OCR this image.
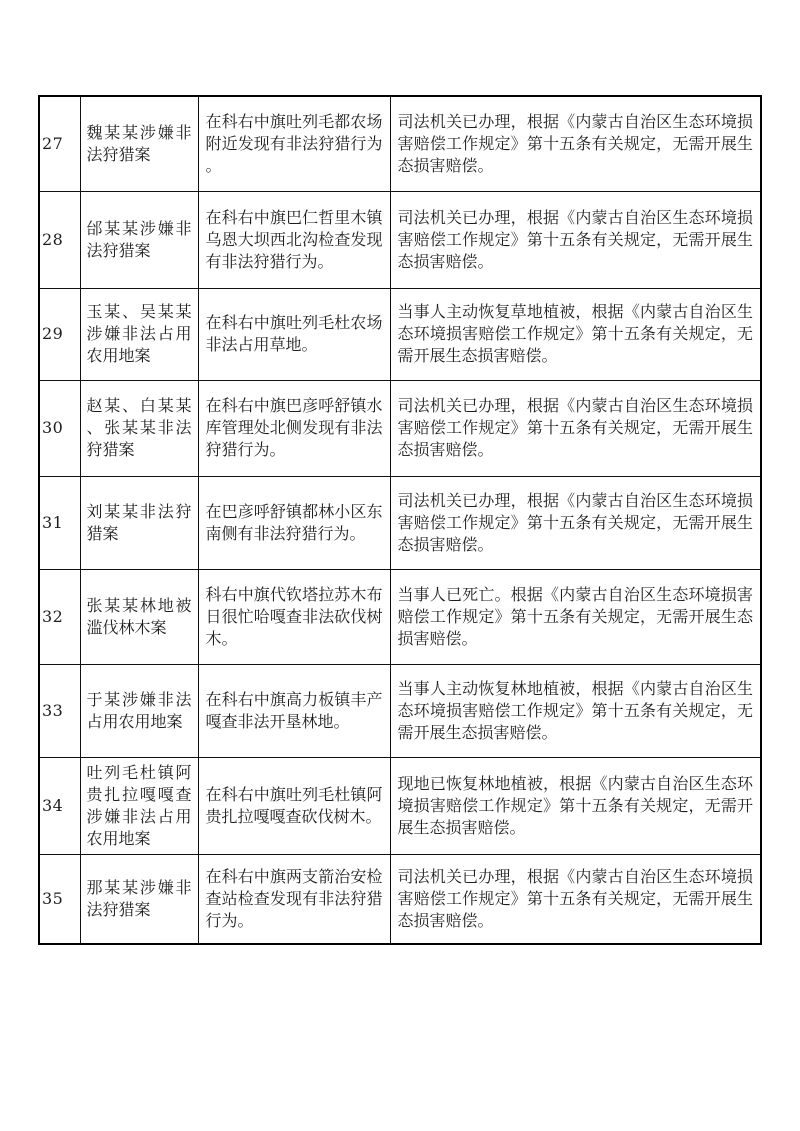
27	魏某某涉嫌非法狩猎案	在科右中旗吐列毛都农场附近发现有非法狩猎行为。	司法机关已办理，根据《内蒙古自治区生态环境损害赔偿工作规定》第十五条有关规定，无需开展生态损害赔偿。
28	邰某某涉嫌非法狩猎案	在科右中旗巴仁哲里木镇乌恩大坝西北沟检查发现有非法狩猎行为。	司法机关已办理，根据《内蒙古自治区生态环境损害赔偿工作规定》第十五条有关规定，无需开展生态损害赔偿。
29	玉某、吴某某涉嫌非法占用农用地案	在科右中旗吐列毛杜农场非法占用草地。	当事人主动恢复草地植被，根据《内蒙古自治区生态环境损害赔偿工作规定》第十五条有关规定，无需开展生态损害赔偿。
30	赵某、白某某、张某某非法狩猎案	在科右中旗巴彦呼舒镇水库管理处北侧发现有非法狩猎行为。	司法机关已办理，根据《内蒙古自治区生态环境损害赔偿工作规定》第十五条有关规定，无需开展生态损害赔偿。
31	刘某某非法狩猎案	在巴彦呼舒镇都林小区东南侧有非法狩猎行为。	司法机关已办理，根据《内蒙古自治区生态环境损害赔偿工作规定》第十五条有关规定，无需开展生态损害赔偿。
32	张某某林地被滥伐林木案	科右中旗代钦塔拉苏木布日很忙哈嘎查非法砍伐树木。	当事人已死亡。根据《内蒙古自治区生态环境损害赔偿工作规定》第十五条有关规定，无需开展生态损害赔偿。
33	于某涉嫌非法占用农用地案	在科右中旗高力板镇丰产嘎查非法开垦林地。	当事人主动恢复林地植被，根据《内蒙古自治区生态环境损害赔偿工作规定》第十五条有关规定，无需开展生态损害赔偿。
34	吐列毛杜镇阿贵扎拉嘎嘎查涉嫌非法占用农用地案	在科右中旗吐列毛杜镇阿贵扎拉嘎嘎查砍伐树木。	现地已恢复林地植被，根据《内蒙古自治区生态环境损害赔偿工作规定》第十五条有关规定，无需开展生态损害赔偿。
35	那某某涉嫌非法狩猎案	在科右中旗两支箭治安检查站检查发现有非法狩猎行为。	司法机关已办理，根据《内蒙古自治区生态环境损害赔偿工作规定》第十五条有关规定，无需开展生态损害赔偿。
